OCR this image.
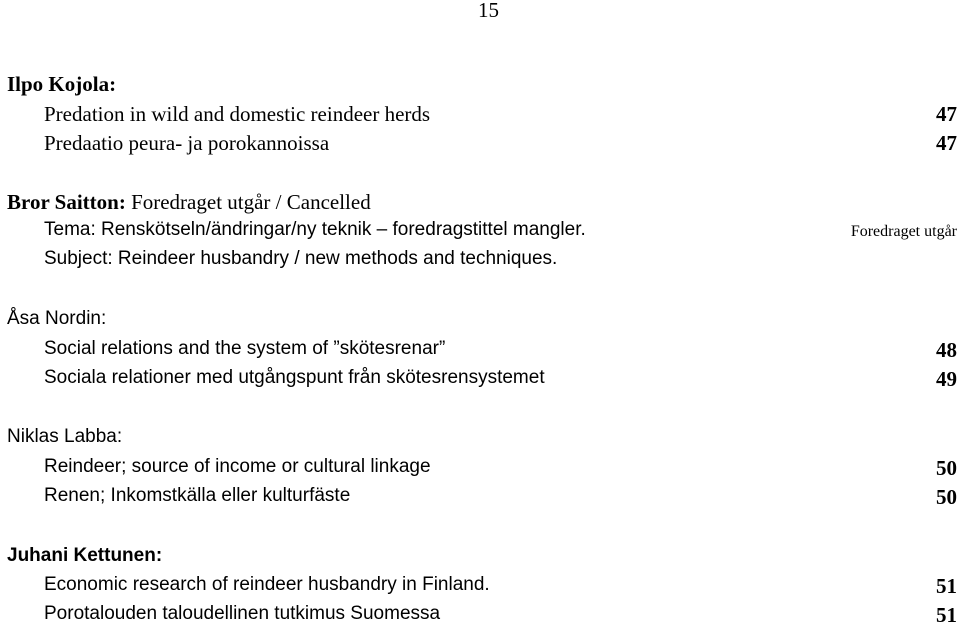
15
Ilpo Kojola:
Predation in wild and domestic reindeer herds	47
Predaatio peura- ja porokannoissa	47
Bror Saitton: Foredraget utgår / Cancelled
Tema: Renskötseln/ändringar/ny teknik – foredragstittel mangler.	Foredraget utgår
Subject: Reindeer husbandry / new methods and techniques.
Åsa Nordin:
Social relations and the system of ”skötesrenar”	48
Sociala relationer med utgångspunt från skötesrensystemet	49
Niklas Labba:
Reindeer; source of income or cultural linkage	50
Renen; Inkomstkälla eller kulturfäste	50
Juhani Kettunen:
Economic research of reindeer husbandry in Finland.	51
Porotalouden taloudellinen tutkimus Suomessa	51
